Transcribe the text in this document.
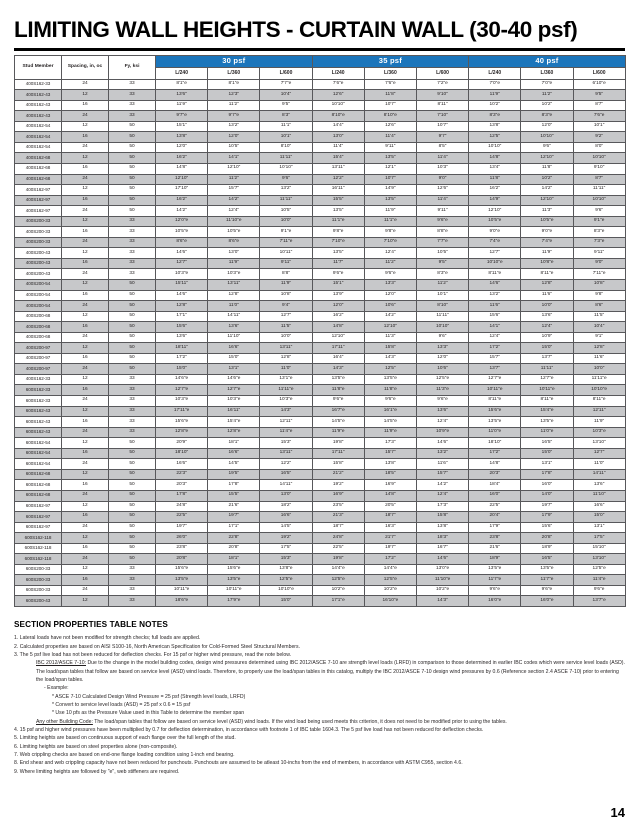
LIMITING WALL HEIGHTS - CURTAIN WALL (30-40 psf)
Stud Member	Spacing, in, oc	Fy, ksi	30 psf			35 psf			40 psf		
			L/240	L/360	L/600	L/240	L/360	L/600	L/240	L/360	L/600
400S162-33	24	33	8'1"e	8'1"e	7'7"e	7'6"e	7'6"e	7'2"e	7'0"e	7'0"e	6'10"e
400S162-43	12	33	13'6"	12'3"	10'4"	12'6"	11'8"	9'10"	11'9"	11'2"	9'5"
400S162-43	16	33	11'9"	11'2"	9'5"	10'10"	10'7"	8'11"	10'2"	10'2"	8'7"
400S162-43	24	33	9'7"e	9'7"e	8'3"	8'10"e	8'10"e	7'10"	8'3"e	8'3"e	7'6"e
400S162-54	12	50	15'1"	13'2"	11'1"	14'4"	12'6"	10'7"	13'8"	12'0"	10'1"
400S162-54	16	50	13'8"	12'0"	10'1"	13'0"	11'4"	9'7"	12'5"	10'10"	9'2"
400S162-54	24	50	12'0"	10'5"	8'10"	11'4"	9'11"	8'5"	10'10"	9'6"	8'0"
400S162-68	12	50	16'2"	14'1"	11'11"	15'4"	13'5"	11'4"	14'8"	12'10"	10'10"
400S162-68	16	50	14'8"	12'10"	10'10"	13'11"	12'1"	10'3"	13'4"	11'8"	9'10"
400S162-68	24	50	12'10"	11'2"	9'6"	12'2"	10'7"	9'0"	11'8"	10'2"	8'7"
400S162-97	12	50	17'10"	15'7"	13'2"	16'11"	14'9"	12'6"	16'2"	14'2"	11'11"
400S162-97	16	50	16'2"	14'2"	11'11"	15'5"	13'5"	11'4"	14'9"	12'10"	10'10"
400S162-97	24	50	14'2"	12'4"	10'5"	13'5"	11'9"	9'11"	12'10"	11'3"	9'6"
400S200-33	12	33	12'0"e	11'10"e	10'0"	11'1"e	11'1"e	9'6"e	10'5"e	10'5"e	9'1"e
400S200-33	16	33	10'5"e	10'5"e	9'1"e	9'8"e	9'8"e	8'8"e	9'0"e	9'0"e	8'3"e
400S200-33	24	33	8'6"e	8'6"e	7'11"e	7'10"e	7'10"e	7'7"e	7'4"e	7'4"e	7'3"e
400S200-43	12	33	14'6"	13'0"	10'11"	13'5"	12'4"	10'5"	12'7"	11'9"	9'11"
400S200-43	16	33	12'7"	11'9"	9'11"	11'7"	11'2"	9'5"	10'10"e	10'8"e	9'0"
400S200-43	24	33	10'3"e	10'3"e	8'8"	9'6"e	9'6"e	8'3"e	8'11"e	8'11"e	7'11"e
400S200-54	12	50	15'11"	13'11"	11'9"	15'1"	13'3"	11'2"	14'6"	12'8"	10'8"
400S200-54	16	50	14'6"	12'8"	10'8"	13'9"	12'0"	10'1"	13'2"	11'6"	9'8"
400S200-54	24	50	12'8"	11'0"	9'4"	12'0"	10'6"	8'10"	11'6"	10'0"	8'6"
400S200-68	12	50	17'1"	14'11"	12'7"	16'2"	14'2"	11'11"	15'6"	13'6"	11'5"
400S200-68	16	50	15'6"	13'6"	11'5"	14'8"	12'10"	10'10"	14'1"	12'4"	10'4"
400S200-68	24	50	13'6"	11'10"	10'0"	12'10"	11'3"	9'6"	12'4"	10'9"	9'1"
400S200-97	12	50	18'11"	16'6"	13'11"	17'11"	15'8"	13'3"	17'2"	15'0"	12'8"
400S200-97	16	50	17'2"	15'0"	12'8"	16'4"	14'3"	12'0"	15'7"	13'7"	11'6"
400S200-97	24	50	15'0"	13'1"	11'0"	14'3"	12'5"	10'6"	13'7"	11'11"	10'0"
400S162-33	12	33	14'6"e	14'6"e	13'1"e	13'5"e	13'5"e	12'5"e	12'7"e	12'7"e	11'11"e
600S162-33	16	33	12'7"e	12'7"e	11'11"e	11'8"e	11'8"e	11'3"e	10'11"e	10'11"e	10'10"e
600S162-33	24	33	10'3"e	10'3"e	10'3"e	9'6"e	9'6"e	9'6"e	8'11"e	8'11"e	8'11"e
600S162-43	12	33	17'11"e	16'11"	14'3"	16'7"e	16'1"e	13'6"	15'6"e	15'4"e	12'11"
600S162-43	16	33	15'6"e	15'4"e	12'11"	14'5"e	14'5"e	12'4"	13'5"e	13'5"e	11'9"
600S162-43	24	33	12'8"e	12'8"e	11'4"e	11'9"e	11'9"e	10'9"e	11'0"e	11'0"e	10'3"e
600S162-54	12	50	20'9"	18'1"	15'3"	19'8"	17'3"	14'6"	18'10"	16'5"	13'10"
600S162-54	16	50	18'10"	16'6"	13'11"	17'11"	15'7"	13'2"	17'2"	15'0"	12'7"
600S162-54	24	50	16'6"	14'5"	12'2"	15'8"	13'8"	11'6"	14'8"	13'1"	11'0"
600S162-68	12	50	22'3"	19'5"	16'5"	21'2"	18'5"	15'7"	20'3"	17'8"	14'11"
600S162-68	16	50	20'3"	17'8"	14'11"	19'2"	16'9"	14'2"	18'4"	16'0"	13'6"
600S162-68	24	50	17'8"	15'5"	13'0"	16'9"	14'8"	12'4"	16'0"	14'0"	11'10"
600S162-97	12	50	24'8"	21'6"	18'2"	23'5"	20'5"	17'3"	22'5"	19'7"	16'6"
600S162-97	16	50	22'5"	19'7"	16'6"	21'3"	18'7"	15'8"	20'4"	17'9"	15'0"
600S162-97	24	50	19'7"	17'1"	14'5"	18'7"	16'3"	13'8"	17'9"	15'6"	13'1"
600S162-118	12	50	26'0"	22'8"	19'2"	24'8"	21'7"	18'3"	23'8"	20'8"	17'5"
600S162-118	16	50	23'8"	20'8"	17'5"	22'5"	19'7"	16'7"	21'6"	18'9"	15'10"
600S162-118	24	50	20'8"	18'1"	15'3"	19'8"	17'2"	14'6"	18'9"	16'5"	13'10"
600S200-33	12	33	15'6"e	15'6"e	13'8"e	14'4"e	14'4"e	13'0"e	13'5"e	13'5"e	12'5"e
600S200-33	16	33	13'5"e	13'5"e	12'5"e	12'5"e	12'5"e	11'10"e	11'7"e	11'7"e	11'4"e
600S200-33	24	33	10'11"e	10'11"e	10'10"e	10'2"e	10'2"e	10'2"e	9'6"e	9'6"e	9'6"e
600S200-43	12	33	18'6"e	17'9"e	15'0"	17'1"e	16'10"e	14'3"	16'0"e	16'0"e	13'7"e
SECTION PROPERTIES TABLE NOTES
1. Lateral loads have not been modified for strength checks; full loads are applied.
2. Calculated properties are based on AISI S100-16, North American Specification for Cold-Formed Steel Structural Members.
3. The 5 psf live load has not been reduced for deflection checks. For 15 psf or higher wind pressure, read the note below.
IBC 2012/ASCE 7-10: Due to the change in the model building codes, design wind pressures determined using IBC 2012/ASCE 7-10 are strength level loads (LRFD) in comparison to those determined in earlier IBC codes which were service level loads (ASD). The load/span tables that follow are based on service level (ASD) wind loads. Therefore, to properly use the load/span tables in this catalog, multiply the IBC 2012/ASCE 7-10 design wind pressures by 0.6 (Reference section 2.4 ASCE 7-10) prior to entering the load/span tables.
- Example:
* ASCE 7-10 Calculated Design Wind Pressure = 25 psf (Strength level loads, LRFD)
* Convert to service level loads (ASD) = 25 psf x 0.6 = 15 psf
* Use 10 pfs as the Pressure Value used in this Table to determine the member span
Any other Building Code: The load/span tables that follow are based on service level (ASD) wind loads. If the wind load being used meets this criterion, it does not need to be modified prior to using the tables.
4. 15 psf and higher wind pressures have been multiplied by 0.7 for deflection determination, in accordance with footnote 1 of IBC table 1604.3. The 5 psf live load has not been reduced for deflection checks.
5. Limiting heights are based on continuous support of each flange over the full length of the stud.
6. Limiting heights are based on steel properties alone (non-composite).
7. Web crippling checks are based on end-one flange loading condition using 1-inch end bearing.
8. End shear and web crippling capacity have not been reduced for punchouts. Punchouts are assumed to be atleast 10-inchs from the end of members, in accordance with ASTM C955, section 4.6.
9. Where limiting heights are followed by "e", web stiffeners are required.
14
